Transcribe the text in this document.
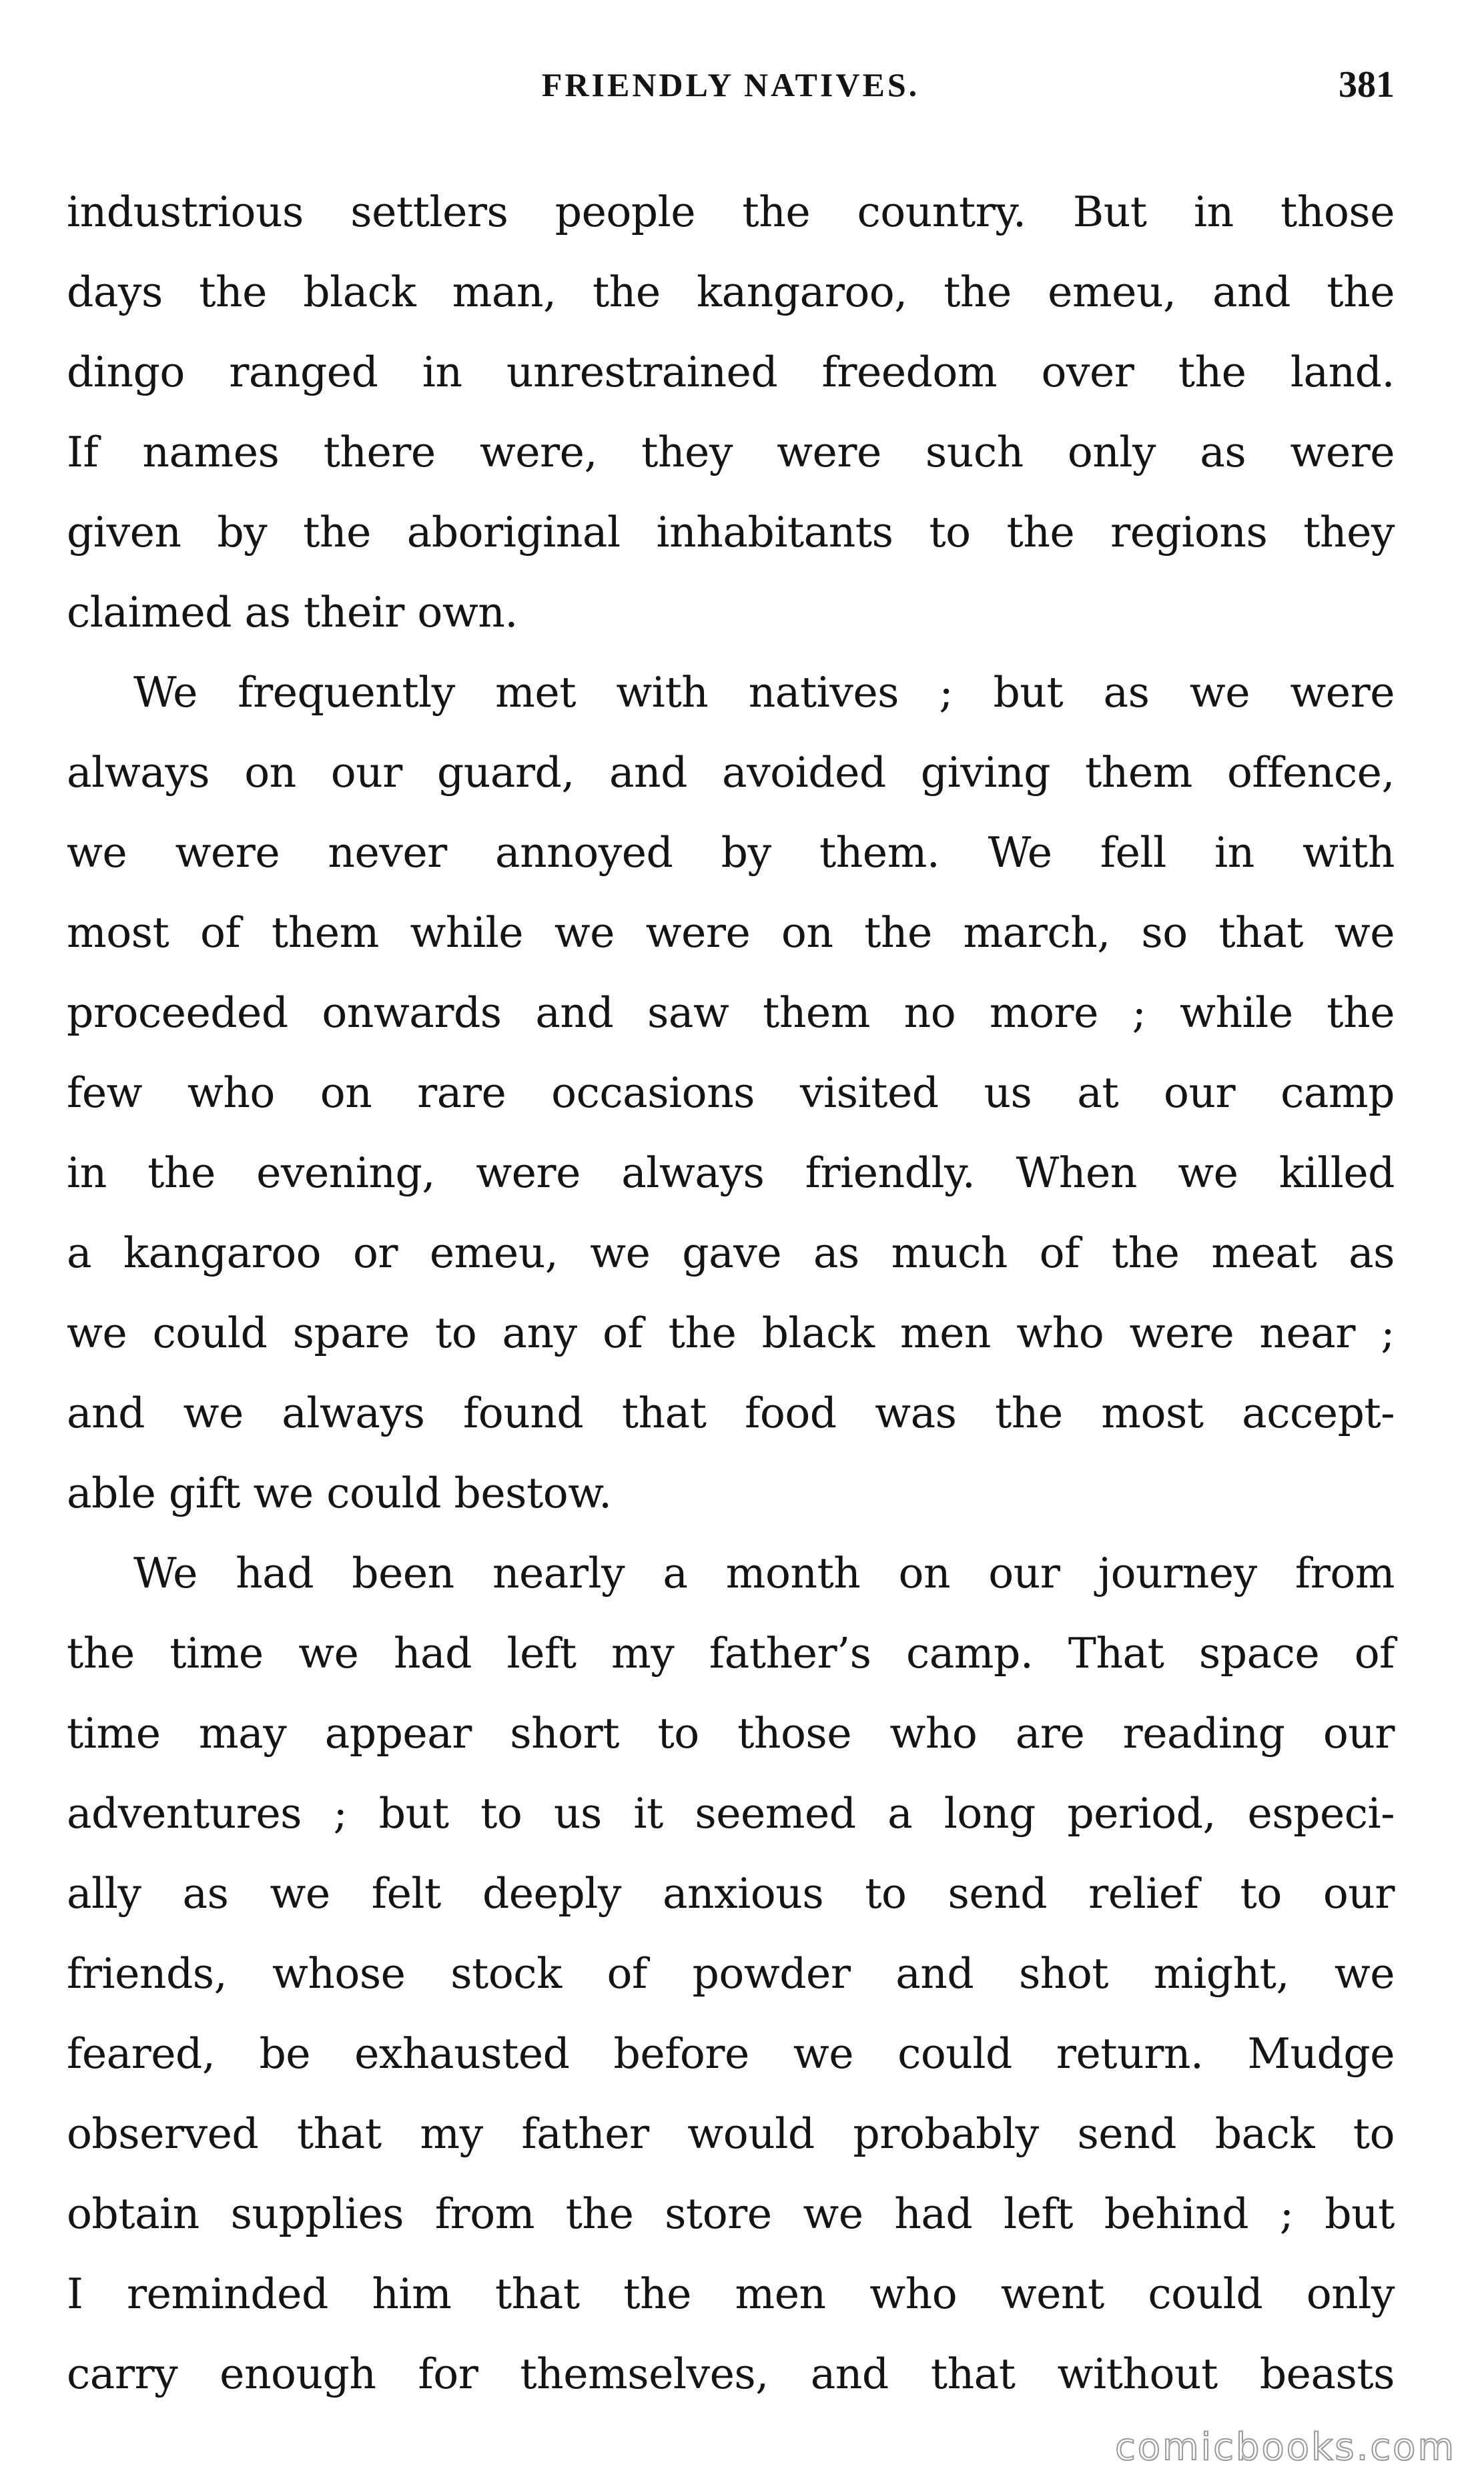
FRIENDLY NATIVES.	381
industrious settlers people the country. But in those
days the black man, the kangaroo, the emeu, and the
dingo ranged in unrestrained freedom over the land.
If names there were, they were such only as were
given by the aboriginal inhabitants to the regions they
claimed as their own.
We frequently met with natives ; but as we were
always on our guard, and avoided giving them offence,
we were never annoyed by them. We fell in with
most of them while we were on the march, so that we
proceeded onwards and saw them no more ; while the
few who on rare occasions visited us at our camp
in the evening, were always friendly. When we killed
a kangaroo or emeu, we gave as much of the meat as
we could spare to any of the black men who were near ;
and we always found that food was the most accept-
able gift we could bestow.
We had been nearly a month on our journey from
the time we had left my father’s camp. That space of
time may appear short to those who are reading our
adventures ; but to us it seemed a long period, especi-
ally as we felt deeply anxious to send relief to our
friends, whose stock of powder and shot might, we
feared, be exhausted before we could return. Mudge
observed that my father would probably send back to
obtain supplies from the store we had left behind ; but
I reminded him that the men who went could only
carry enough for themselves, and that without beasts
comicbooks.com
